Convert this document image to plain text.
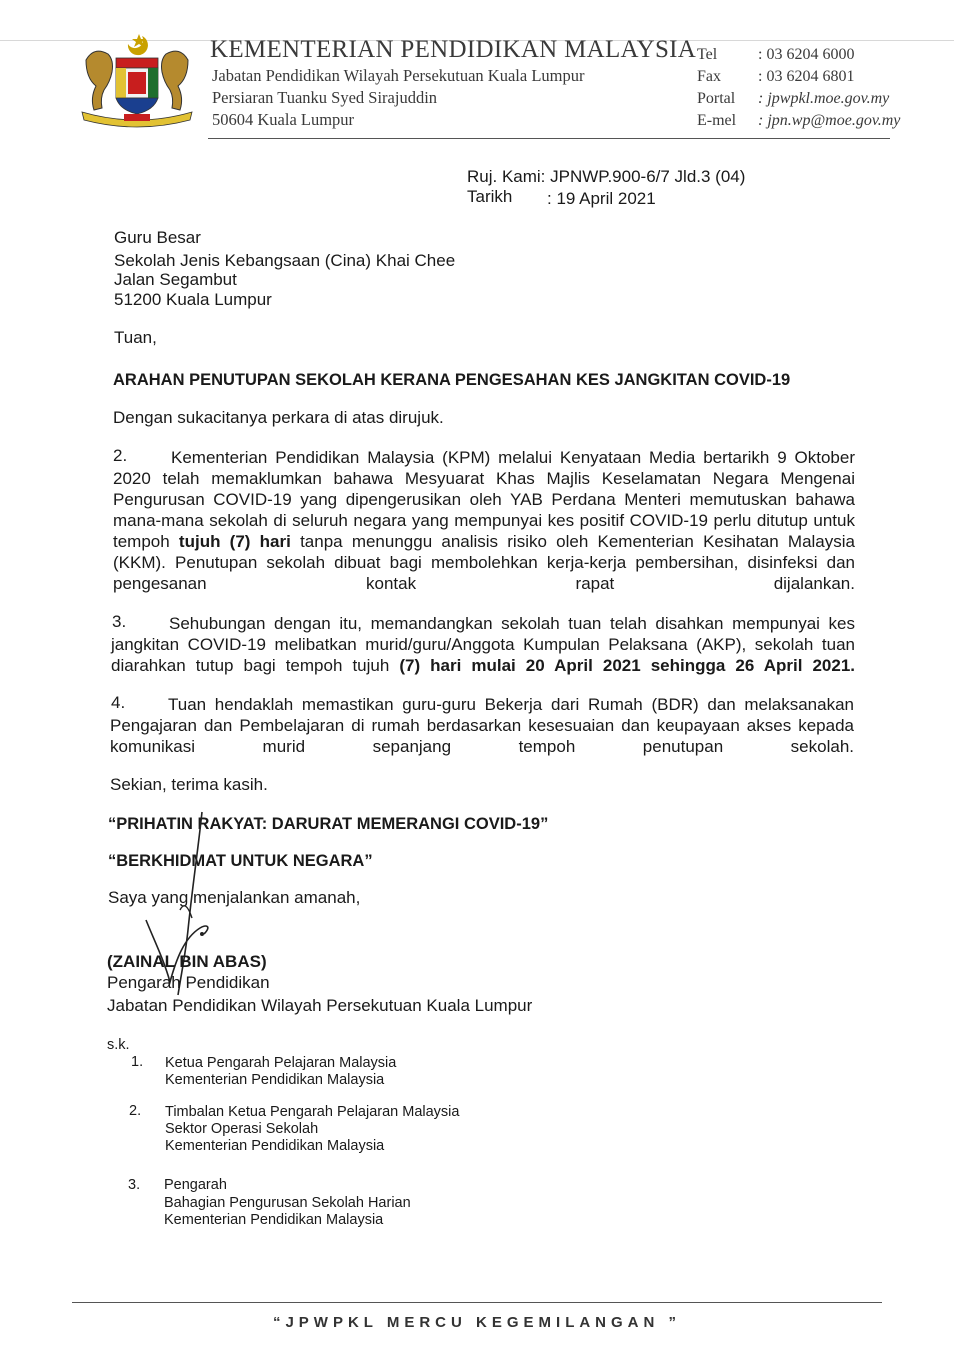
KEMENTERIAN PENDIDIKAN MALAYSIA
Jabatan Pendidikan Wilayah Persekutuan Kuala Lumpur
Persiaran Tuanku Syed Sirajuddin
50604 Kuala Lumpur
Tel	: 03 6204 6000
Fax : 03 6204 6801
Portal : jpwpkl.moe.gov.my
E-mel : jpn.wp@moe.gov.my
Ruj. Kami: JPNWP.900-6/7 Jld.3 (04)
Tarikh : 19 April 2021
Guru Besar
Sekolah Jenis Kebangsaan (Cina) Khai Chee
Jalan Segambut
51200 Kuala Lumpur
Tuan,
ARAHAN PENUTUPAN SEKOLAH KERANA PENGESAHAN KES JANGKITAN COVID-19
Dengan sukacitanya perkara di atas dirujuk.
2.	Kementerian Pendidikan Malaysia (KPM) melalui Kenyataan Media bertarikh 9 Oktober 2020 telah memaklumkan bahawa Mesyuarat Khas Majlis Keselamatan Negara Mengenai Pengurusan COVID-19 yang dipengerusikan oleh YAB Perdana Menteri memutuskan bahawa mana-mana sekolah di seluruh negara yang mempunyai kes positif COVID-19 perlu ditutup untuk tempoh tujuh (7) hari tanpa menunggu analisis risiko oleh Kementerian Kesihatan Malaysia (KKM). Penutupan sekolah dibuat bagi membolehkan kerja-kerja pembersihan, disinfeksi dan pengesanan kontak rapat dijalankan.
3.	Sehubungan dengan itu, memandangkan sekolah tuan telah disahkan mempunyai kes jangkitan COVID-19 melibatkan murid/guru/Anggota Kumpulan Pelaksana (AKP), sekolah tuan diarahkan tutup bagi tempoh tujuh (7) hari mulai 20 April 2021 sehingga 26 April 2021.
4.	Tuan hendaklah memastikan guru-guru Bekerja dari Rumah (BDR) dan melaksanakan Pengajaran dan Pembelajaran di rumah berdasarkan kesesuaian dan keupayaan akses kepada komunikasi murid sepanjang tempoh penutupan sekolah.
Sekian, terima kasih.
“PRIHATIN RAKYAT: DARURAT MEMERANGI COVID-19”
“BERKHIDMAT UNTUK NEGARA”
Saya yang menjalankan amanah,
(ZAINAL BIN ABAS)
Pengarah Pendidikan
Jabatan Pendidikan Wilayah Persekutuan Kuala Lumpur
s.k.
1. Ketua Pengarah Pelajaran Malaysia
Kementerian Pendidikan Malaysia
2. Timbalan Ketua Pengarah Pelajaran Malaysia
Sektor Operasi Sekolah
Kementerian Pendidikan Malaysia
3. Pengarah
Bahagian Pengurusan Sekolah Harian
Kementerian Pendidikan Malaysia
“JPWPKL MERCU KEGEMILANGAN ”
